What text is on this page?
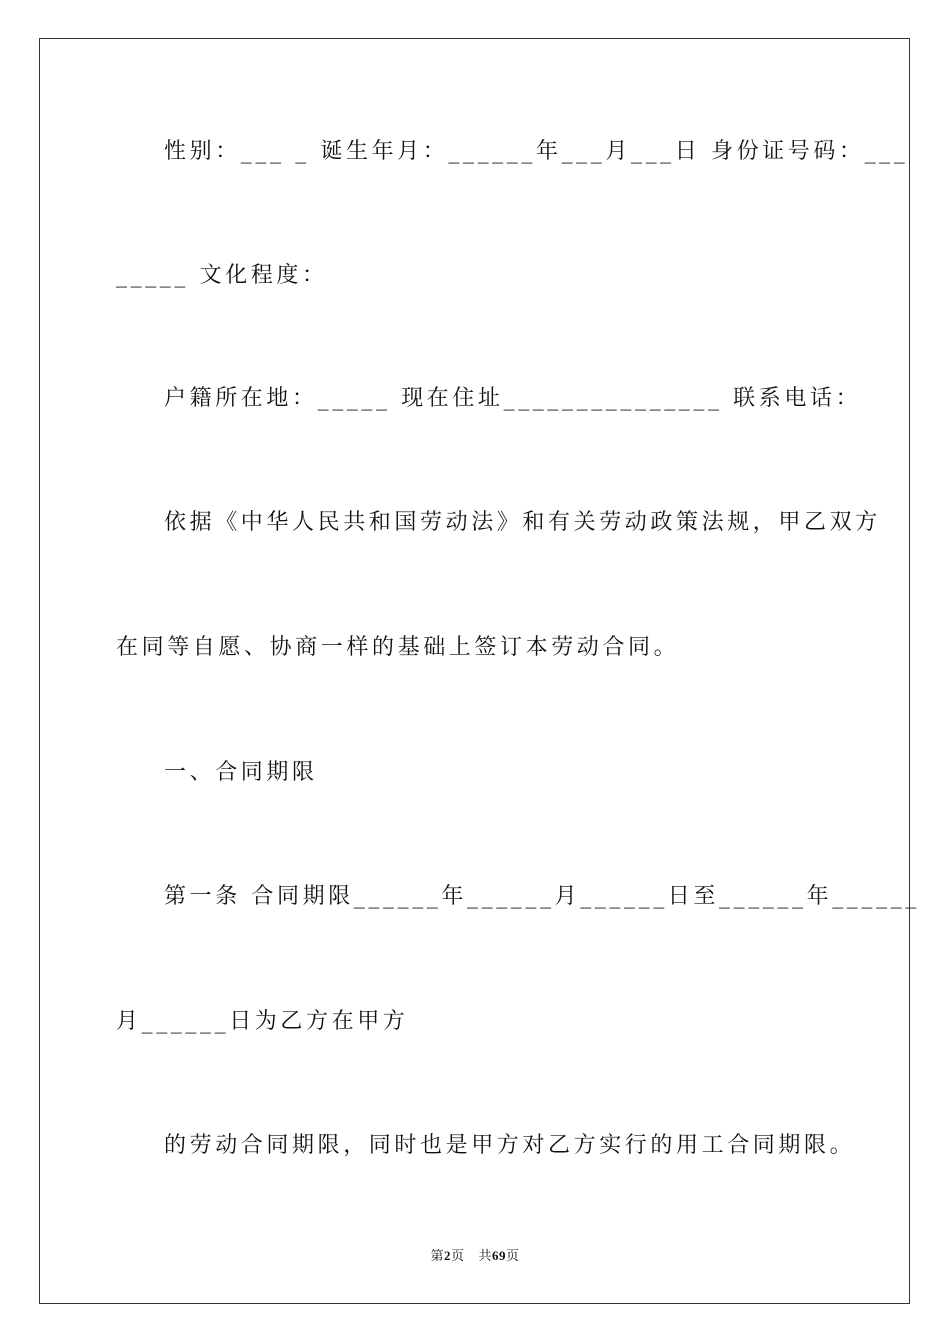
性别：___ _ 诞生年月：______年___月___日 身份证号码：___
_____ 文化程度：
户籍所在地：_____ 现在住址_______________ 联系电话：
依据《中华人民共和国劳动法》和有关劳动政策法规，甲乙双方
在同等自愿、协商一样的基础上签订本劳动合同。
一、合同期限
第一条 合同期限______年______月______日至______年______
月______日为乙方在甲方
的劳动合同期限，同时也是甲方对乙方实行的用工合同期限。
第2页 共69页
